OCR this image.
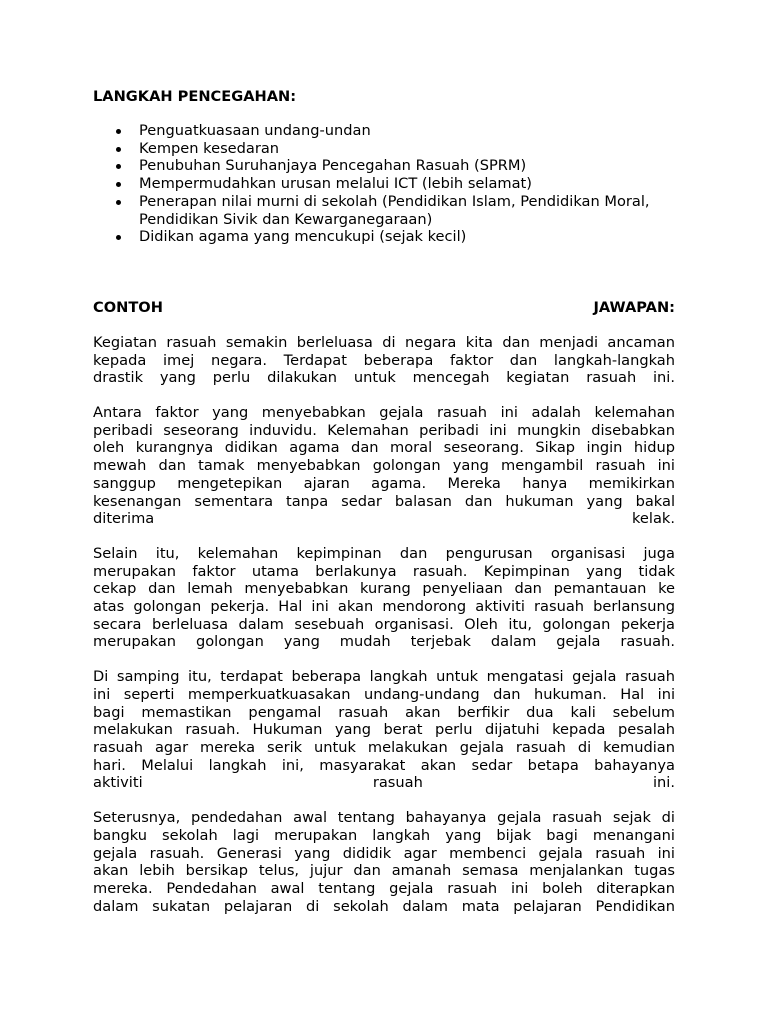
LANGKAH PENCEGAHAN:
Penguatkuasaan undang-undan
Kempen kesedaran
Penubuhan Suruhanjaya Pencegahan Rasuah (SPRM)
Mempermudahkan urusan melalui ICT (lebih selamat)
Penerapan nilai murni di sekolah (Pendidikan Islam, Pendidikan Moral, Pendidikan Sivik dan Kewarganegaraan)
Didikan agama yang mencukupi (sejak kecil)
CONTOH	JAWAPAN:
Kegiatan rasuah semakin berleluasa di negara kita dan menjadi ancaman
kepada imej negara. Terdapat beberapa faktor dan langkah-langkah
drastik yang perlu dilakukan untuk mencegah kegiatan rasuah ini.
Antara faktor yang menyebabkan gejala rasuah ini adalah kelemahan
peribadi seseorang induvidu. Kelemahan peribadi ini mungkin disebabkan
oleh kurangnya didikan agama dan moral seseorang. Sikap ingin hidup
mewah dan tamak menyebabkan golongan yang mengambil rasuah ini
sanggup mengetepikan ajaran agama. Mereka hanya memikirkan
kesenangan sementara tanpa sedar balasan dan hukuman yang bakal
diterima kelak.
Selain itu, kelemahan kepimpinan dan pengurusan organisasi juga
merupakan faktor utama berlakunya rasuah. Kepimpinan yang tidak
cekap dan lemah menyebabkan kurang penyeliaan dan pemantauan ke
atas golongan pekerja. Hal ini akan mendorong aktiviti rasuah berlansung
secara berleluasa dalam sesebuah organisasi. Oleh itu, golongan pekerja
merupakan golongan yang mudah terjebak dalam gejala rasuah.
Di samping itu, terdapat beberapa langkah untuk mengatasi gejala rasuah
ini seperti memperkuatkuasakan undang-undang dan hukuman. Hal ini
bagi memastikan pengamal rasuah akan berfikir dua kali sebelum
melakukan rasuah. Hukuman yang berat perlu dijatuhi kepada pesalah
rasuah agar mereka serik untuk melakukan gejala rasuah di kemudian
hari. Melalui langkah ini, masyarakat akan sedar betapa bahayanya
aktiviti rasuah ini.
Seterusnya, pendedahan awal tentang bahayanya gejala rasuah sejak di
bangku sekolah lagi merupakan langkah yang bijak bagi menangani
gejala rasuah. Generasi yang dididik agar membenci gejala rasuah ini
akan lebih bersikap telus, jujur dan amanah semasa menjalankan tugas
mereka. Pendedahan awal tentang gejala rasuah ini boleh diterapkan
dalam sukatan pelajaran di sekolah dalam mata pelajaran Pendidikan
